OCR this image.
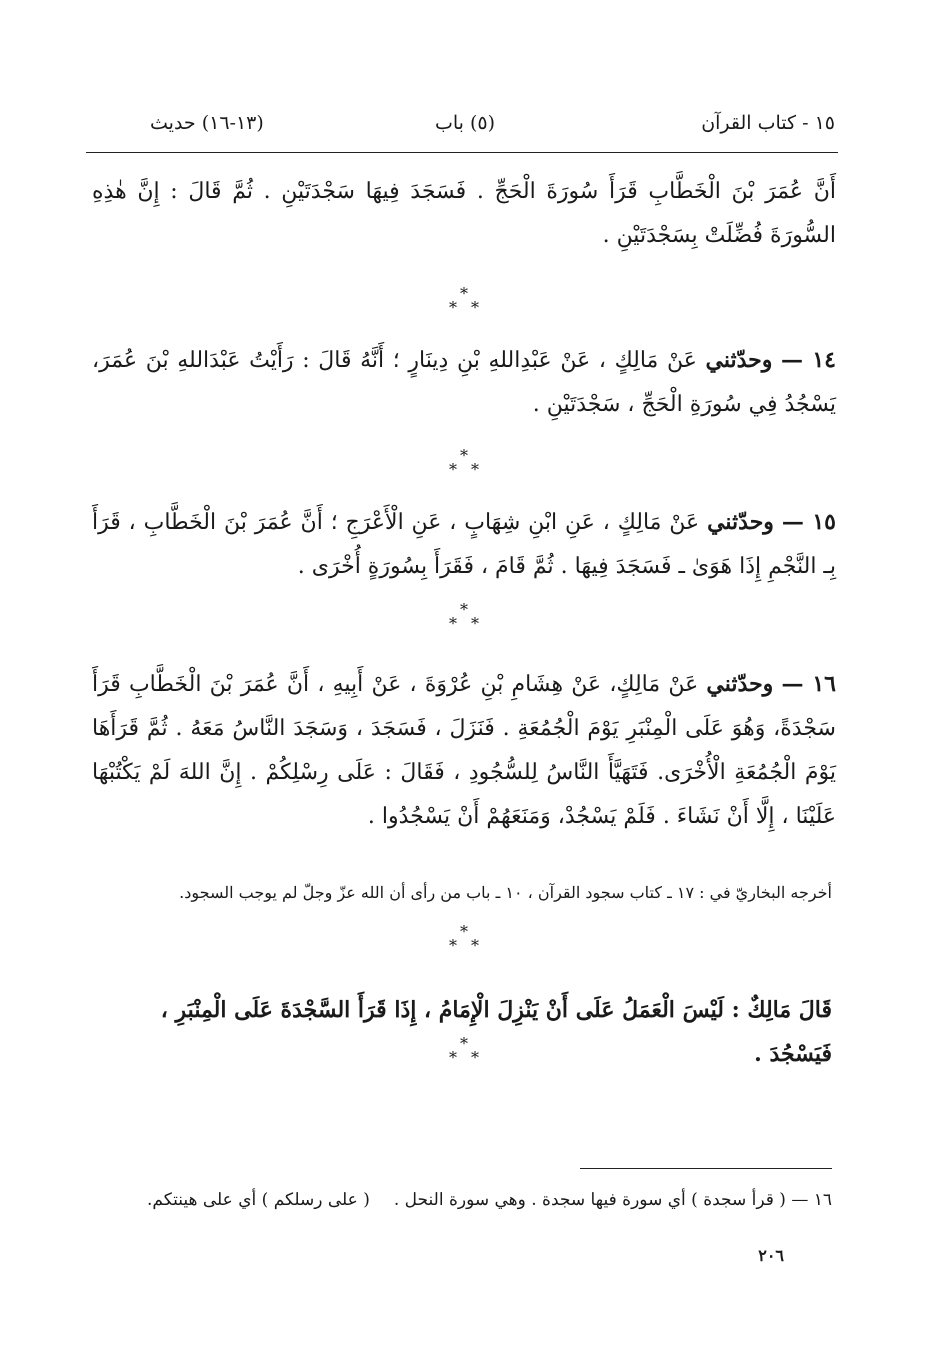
١٥ - كتاب القرآن
(٥) باب
(١٣-١٦) حديث
أَنَّ عُمَرَ بْنَ الْخَطَّابِ قَرَأَ سُورَةَ الْحَجِّ . فَسَجَدَ فِيهَا سَجْدَتَيْنِ . ثُمَّ قَالَ : إِنَّ هٰذِهِ السُّورَةَ فُضِّلَتْ بِسَجْدَتَيْنِ .
*
* *
١٤ — وحدّثني عَنْ مَالِكٍ ، عَنْ عَبْدِاللهِ بْنِ دِينَارٍ ؛ أَنَّهُ قَالَ : رَأَيْتُ عَبْدَاللهِ بْنَ عُمَرَ، يَسْجُدُ فِي سُورَةِ الْحَجِّ ، سَجْدَتَيْنِ .
*
* *
١٥ — وحدّثني عَنْ مَالِكٍ ، عَنِ ابْنِ شِهَابٍ ، عَنِ الْأَعْرَجِ ؛ أَنَّ عُمَرَ بْنَ الْخَطَّابِ ، قَرَأَ بِـ النَّجْمِ إِذَا هَوَىٰ ـ فَسَجَدَ فِيهَا . ثُمَّ قَامَ ، فَقَرَأَ بِسُورَةٍ أُخْرَى .
*
* *
١٦ — وحدّثني عَنْ مَالِكٍ، عَنْ هِشَامِ بْنِ عُرْوَةَ ، عَنْ أَبِيهِ ، أَنَّ عُمَرَ بْنَ الْخَطَّابِ قَرَأَ سَجْدَةً، وَهُوَ عَلَى الْمِنْبَرِ يَوْمَ الْجُمُعَةِ . فَنَزَلَ ، فَسَجَدَ ، وَسَجَدَ النَّاسُ مَعَهُ . ثُمَّ قَرَأَهَا يَوْمَ الْجُمُعَةِ الْأُخْرَى. فَتَهَيَّأَ النَّاسُ لِلسُّجُودِ ، فَقَالَ : عَلَى رِسْلِكُمْ . إِنَّ اللهَ لَمْ يَكْتُبْهَا عَلَيْنَا ، إِلَّا أَنْ نَشَاءَ . فَلَمْ يَسْجُدْ، وَمَنَعَهُمْ أَنْ يَسْجُدُوا .
أخرجه البخاريّ في : ١٧ ـ كتاب سجود القرآن ، ١٠ ـ باب من رأى أن الله عزّ وجلّ لم يوجب السجود.
*
* *
قَالَ مَالِكٌ : لَيْسَ الْعَمَلُ عَلَى أَنْ يَنْزِلَ الْإِمَامُ ، إِذَا قَرَأَ السَّجْدَةَ عَلَى الْمِنْبَرِ ، فَيَسْجُدَ .
*
* *
١٦ — ( قرأ سجدة ) أي سورة فيها سجدة . وهي سورة النحل .( على رسلكم ) أي على هينتكم.
٢٠٦
